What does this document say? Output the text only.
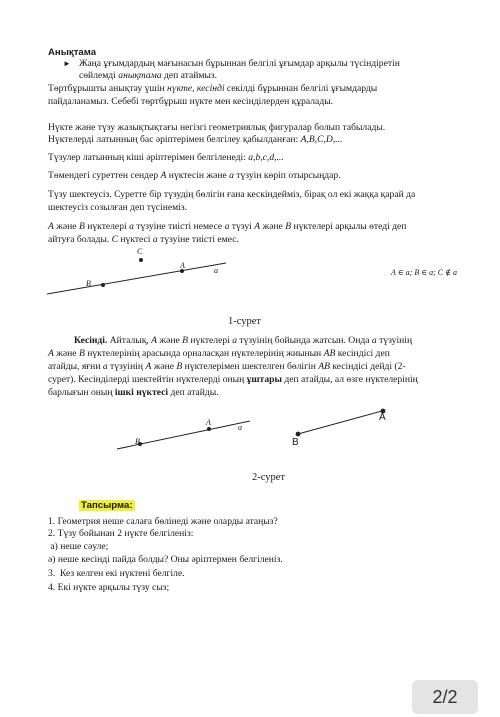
Анықтама

► Жаңа ұғымдардың мағынасын бұрыннан белгілі ұғымдар арқылы түсіндіретін

сөйлемді анықтама деп атаймыз.

Төртбұрышты анықтау үшін нүкте, кесінді секілді бұрыннан белгілі ұғымдарды

пайдаланамыз. Себебі төртбұрыш нүкте мен кесінділерден құралады.

Нүкте және түзу жазықтықтағы негізгі геометриялық фигуралар болып табылады.

Нүктелерді латынның бас әріптерімен белгілеу қабылданған: A,B,C,D,...

Түзулер латынның кіші әріптерімен белгіленеді: a,b,c,d,...

Төмендегі суреттен сендер А нүктесін және а түзуін көріп отырсыңдар.

Түзу шектеусіз. Суретте бір түзудің бөлігін ғана кескіндейміз, бірақ ол екі жаққа қарай да

шектеусіз созылған деп түсінеміз.

А және В нүктелері а түзуіне тиісті немесе а түзуі А және В нүктелері арқылы өтеді деп

айтуға болады. С нүктесі а түзуіне тиісті емес.

C

A

B

a	A ∈ a; B ∈ a; C ∉ a

1-сурет

Кесінді. Айталық, А және В нүктелері а түзуінің бойында жатсын. Онда а түзуінің

А және В нүктелерінің арасында орналасқан нүктелерінің жиынын АВ кесіндісі деп

атайды, яғни а түзуінің А және В нүктелерімен шектелген бөлігін АВ кесіндісі дейді (2-

сурет). Кесінділерді шектейтін нүктелерді оның ұштары деп атайды, ал өзге нүктелерінің

барлығын оның ішкі нүктесі деп атайды.

A

B

a

A

B

2-сурет

Тапсырма:

1. Геометрия неше салаға бөлінеді және оларды атаңыз?

2. Түзу бойынан 2 нүкте белгіленіз:

а) неше сәуле;

ә) неше кесінді пайда болды? Оны әріптермен белгіленіз.

3.  Кез келген екі нүктені белгіле.

4. Екі нүкте арқылы түзу сыз;

2/2
